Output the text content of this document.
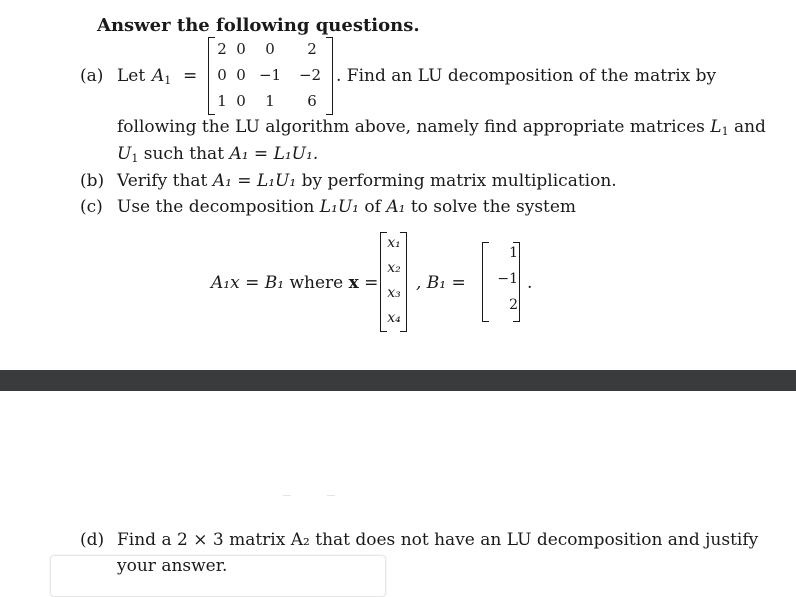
Answer the following questions.
(a) Let $A_1$ =
2 0	0	2
0 0 −1 −2
1 0	1	6
. Find an LU decomposition of the matrix by
following the LU algorithm above, namely find appropriate matrices $L_1$ and
$U_1$ such that A₁ = L₁U₁.
(b) Verify that A₁ = L₁U₁ by performing matrix multiplication.
(c) Use the decomposition L₁U₁ of A₁ to solve the system
A₁x = B₁ where x =
x₁
x₂
x₃
x₄
, B₁ =
1
−1
2
.
(d) Find a 2 × 3 matrix A₂ that does not have an LU decomposition and justify
your answer.
